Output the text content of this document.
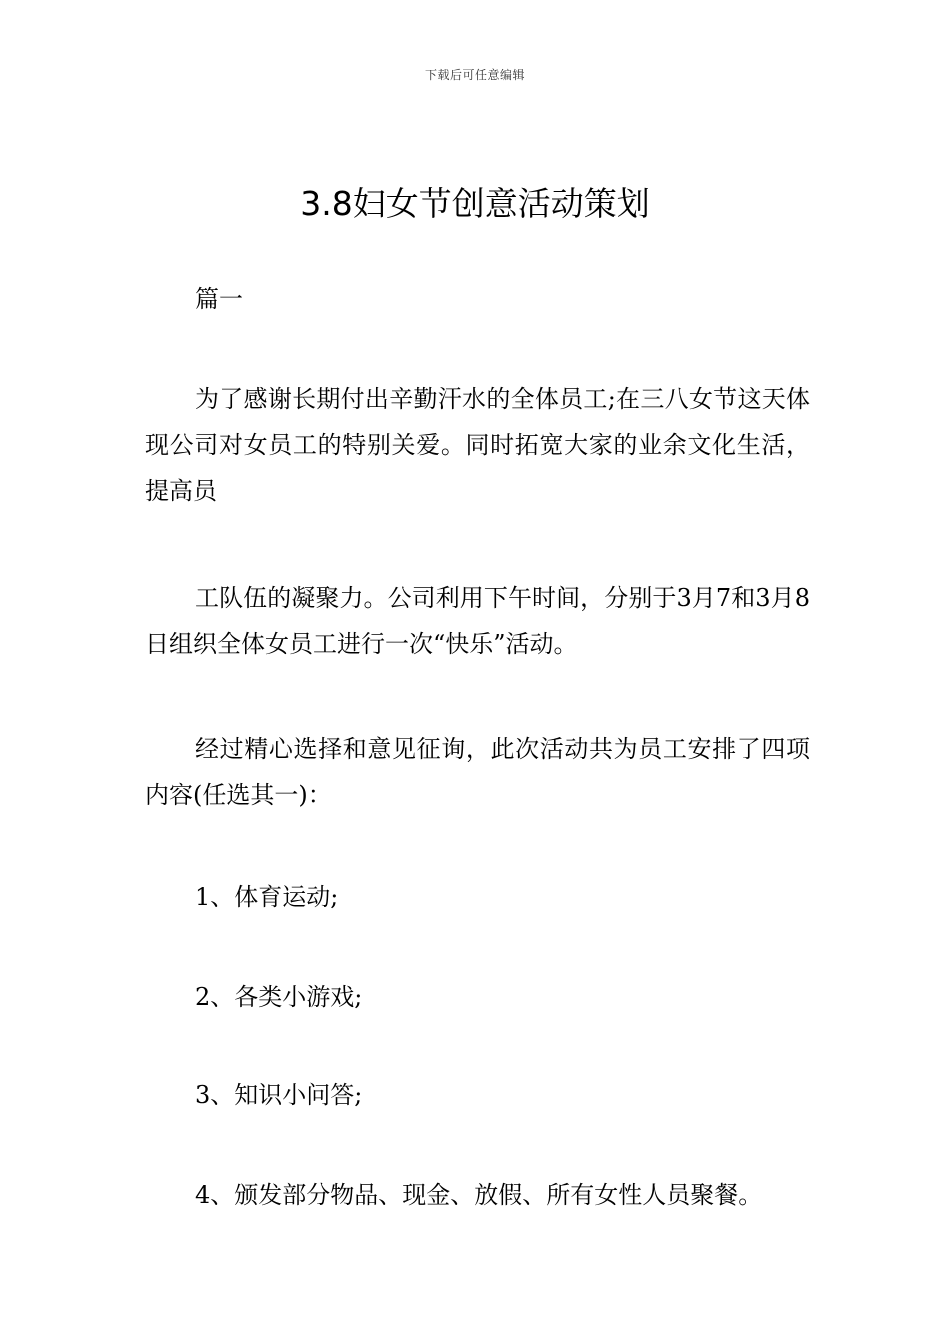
下载后可任意编辑
3.8妇女节创意活动策划

篇一

为了感谢长期付出辛勤汗水的全体员工;在三八女节这天体现公司对女员工的特别关爱。同时拓宽大家的业余文化生活，提高员

工队伍的凝聚力。公司利用下午时间，分别于3月7和3月8日组织全体女员工进行一次“快乐”活动。

经过精心选择和意见征询，此次活动共为员工安排了四项内容(任选其一)：

1、体育运动;

2、各类小游戏;

3、知识小问答;

4、颁发部分物品、现金、放假、所有女性人员聚餐。
